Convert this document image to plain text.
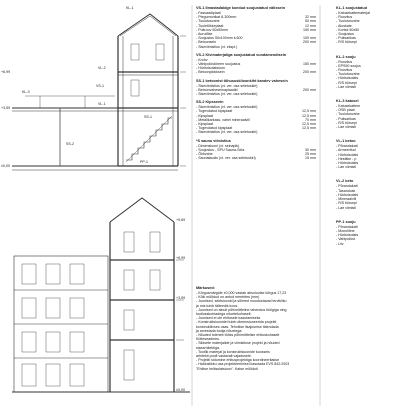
KL-1
KL-3
VL-2
VL-1
PP-1
VS-1
SS-1
SS-2
+6,99
+3,59
±0,00
+9,69
+6,99
+3,59
±0,00
VS-1 Ilmastadaldge koedud soojustatud välissein
- Fassaadiplaat
- Ptegumonikat 8-300mm	32 mm
- Tuulutusvahe	50 mm
- Tuuletõkkeplaat	12 mm
- Puitroov 50x50mm	150 mm
- Aurutõke
- Soojustus 50x100mm k.600	100 mm
- Betoonsein	200 mm
- Siseviimistlus (vt. ekspl.)
VS-2 Kivimaterjaliga soojustatud vundamendisein
- Krohv
- Vahtpolüstüreen soojustus	150 mm
- Hüdroisolatsioon
- Betoonplokksein	200 mm
SS-1 betoonist tõhususklioonkiht kandev vahesein
- Siseviimistlus (vt. ver. osa seletuskiri)
- Betoonvaheseinaplaadid	200 mm
- Siseviimistlus (vt. ver. osa seletuskiri)
SS-2 Kipsseein
- Siseviimistlus (vt. ver. osa seletuskiri)
- Tugevdatud kipsplaat	12,5 mm
- Kipsplaat	12,5 mm
- Metallkarkass, vahel mineraalvill	70 mm
- Kipsplaat	12,5 mm
- Tugevdatud kipsplaat	12,5 mm
- Siseviimistlus (vt. ver. osa seletuskiri)
*S saunu viimistlus
- Dimensiooni (vt. seinaplk)
- Soojustus - SPU Sauna-Sela	30 mm
- Õhkvahe	25 mm
- Saunalaudis (vt. ver. osa seletuskiri)	15 mm
Märkused:
- Kõrgusmärgide ±0,000 vastab absoluutse kõrgus 17,23
- Kõik mõõdud on antud meetrites (mm)
- Joonised, sektsioonid ja sõlmed moodustavad tervikliku
ja mis tulnb täiteedis koos.
- Joonised on ainult põhimõtteline lahendus töölgiga ning
tootlusskohtadega nõuetekohaselt.
- Joonised ei ole ehitusele kasutamiseks
- Konstruktsioonidel tuleb dimensioneerida projekti
konstruktiivses osas. Tehnilise lisajoonise täiendada
ja arvestada tootja nõuetega.
- Nõuded tuleneb tööks põhimõttelise ehituskohaselt
Kütteseadmes.
- Sildsete materjalide ja viimistluse projekt ja nõuded
sisearhitektiga.
- Tootlik materjal ja konstruktsioonide koosseis
arhitekti poolt vastavalt vajadusele.
- Projekti sidumine ehitusprojektiga koordineeritakse
- Halduslikku osa projekteerimisel kasutada EVS 842:2003
"Ehitise heliisolatsioon". Katse mõõduti
KL-1 soojustatud
- Katusekattematerjal
- Roovitus
- Tuulutusvahe
- Aluskate
- Kortsk 50x50
- Soojustus
- Puitsarikas
- R/S töösepl
KL-2 sooju
- Roovitus
- EPS90 soojus
- Roovitus
- Tuulutusvahe
- Hüdroisolats
- R/S töösepl
- Lae viimistl
KL-3 katusel
- Katusekattem
- OSB plaat
- Tuulutusvahe
- Puitsarikas
- R/S töösepl
- Lae viimistl
VL-1 betoo
- Põrandakatt
- Armeeritud
- Hüdroisolats
- Hestitke - p
- Hüdroisolats
- Lae viimistl
VL-2 beto
- Põrandakatt
- Tasandusk
- Hüdroisolats
- Mineraalvill
- R/S töösepl
- Lae viimistl
PP-1 sooju
- Põrandakatt
- Monoliitne
- Hüdroisolats
- Vahtpolüst
- Liiv
